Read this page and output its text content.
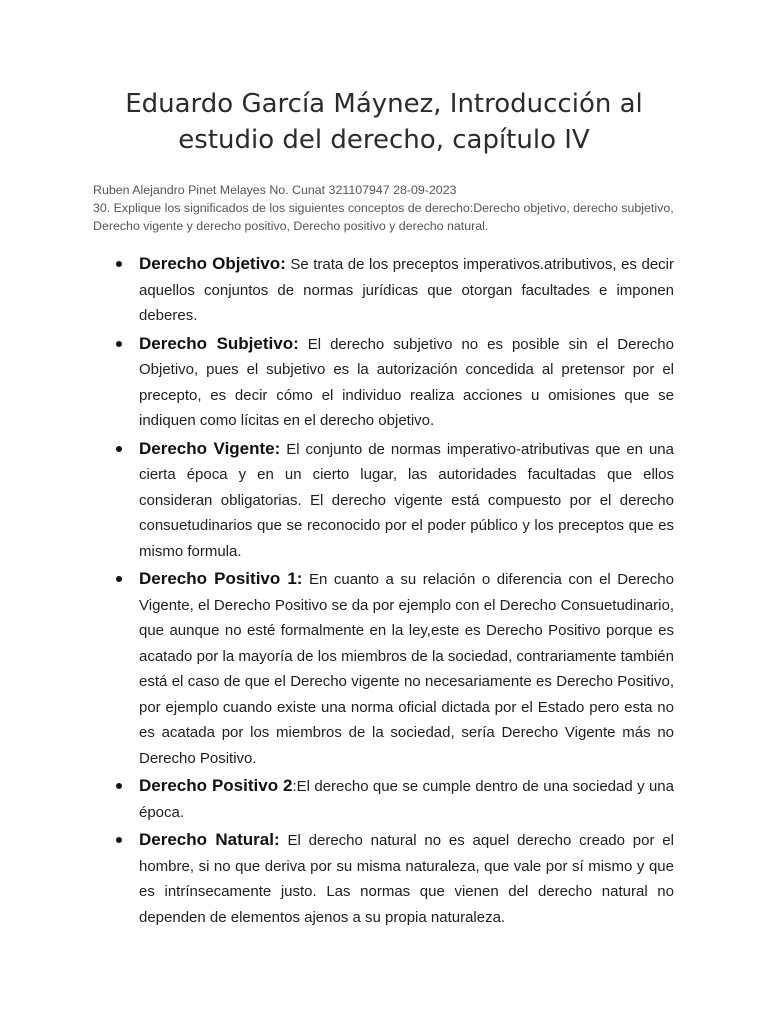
Eduardo García Máynez, Introducción al
estudio del derecho, capítulo IV
Ruben Alejandro Pinet Melayes No. Cunat 321107947 28-09-2023
30. Explique los significados de los siguientes conceptos de derecho:Derecho objetivo, derecho subjetivo, Derecho vigente y derecho positivo, Derecho positivo y derecho natural.
Derecho Objetivo: Se trata de los preceptos imperativos.atributivos, es decir aquellos conjuntos de normas jurídicas que otorgan facultades e imponen deberes.
Derecho Subjetivo: El derecho subjetivo no es posible sin el Derecho Objetivo, pues el subjetivo es la autorización concedida al pretensor por el precepto, es decir cómo el individuo realiza acciones u omisiones que se indiquen como lícitas en el derecho objetivo.
Derecho Vigente: El conjunto de normas imperativo-atributivas que en una cierta época y en un cierto lugar, las autoridades facultadas que ellos consideran obligatorias. El derecho vigente está compuesto por el derecho consuetudinarios que se reconocido por el poder público y los preceptos que es mismo formula.
Derecho Positivo 1: En cuanto a su relación o diferencia con el Derecho Vigente, el Derecho Positivo se da por ejemplo con el Derecho Consuetudinario, que aunque no esté formalmente en la ley,este es Derecho Positivo porque es acatado por la mayoría de los miembros de la sociedad, contrariamente también está el caso de que el Derecho vigente no necesariamente es Derecho Positivo, por ejemplo cuando existe una norma oficial dictada por el Estado pero esta no es acatada por los miembros de la sociedad, sería Derecho Vigente más no Derecho Positivo.
Derecho Positivo 2:El derecho que se cumple dentro de una sociedad y una época.
Derecho Natural: El derecho natural no es aquel derecho creado por el hombre, si no que deriva por su misma naturaleza, que vale por sí mismo y que es intrínsecamente justo. Las normas que vienen del derecho natural no dependen de elementos ajenos a su propia naturaleza.
